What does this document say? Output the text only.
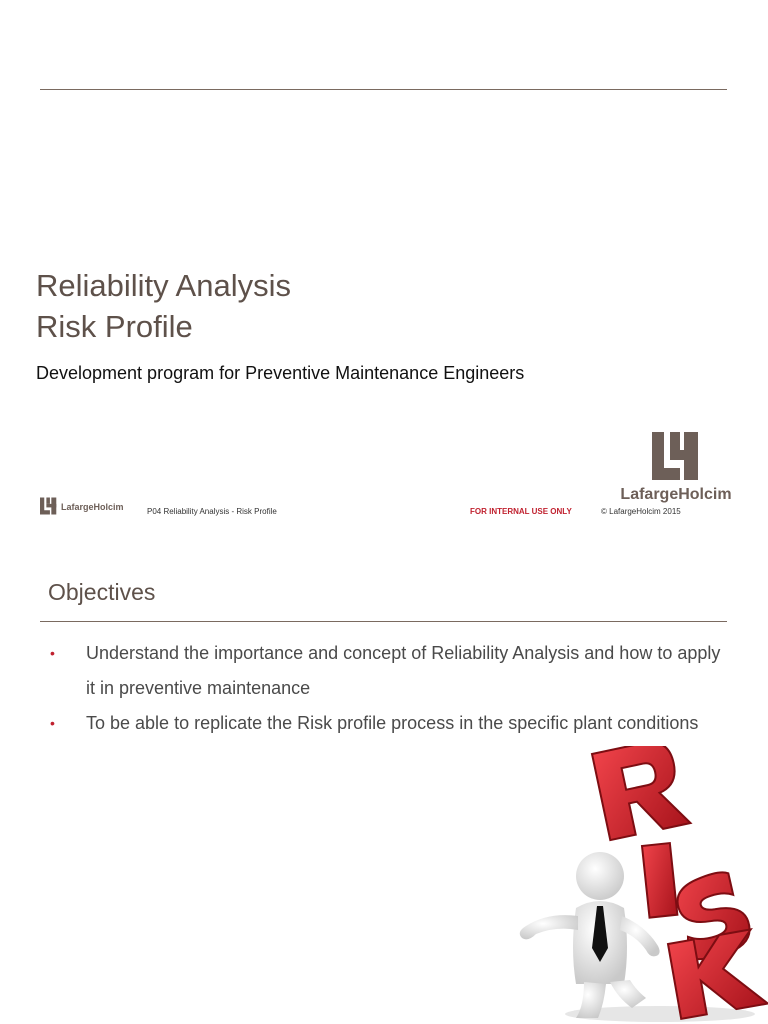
Reliability Analysis
Risk Profile
Development program for Preventive Maintenance Engineers
LafargeHolcim
LafargeHolcim	P04 Reliability Analysis - Risk Profile	FOR INTERNAL USE ONLY	© LafargeHolcim 2015
Objectives
• Understand the importance and concept of Reliability Analysis and how to apply it in preventive maintenance
• To be able to replicate the Risk profile process in the specific plant conditions
